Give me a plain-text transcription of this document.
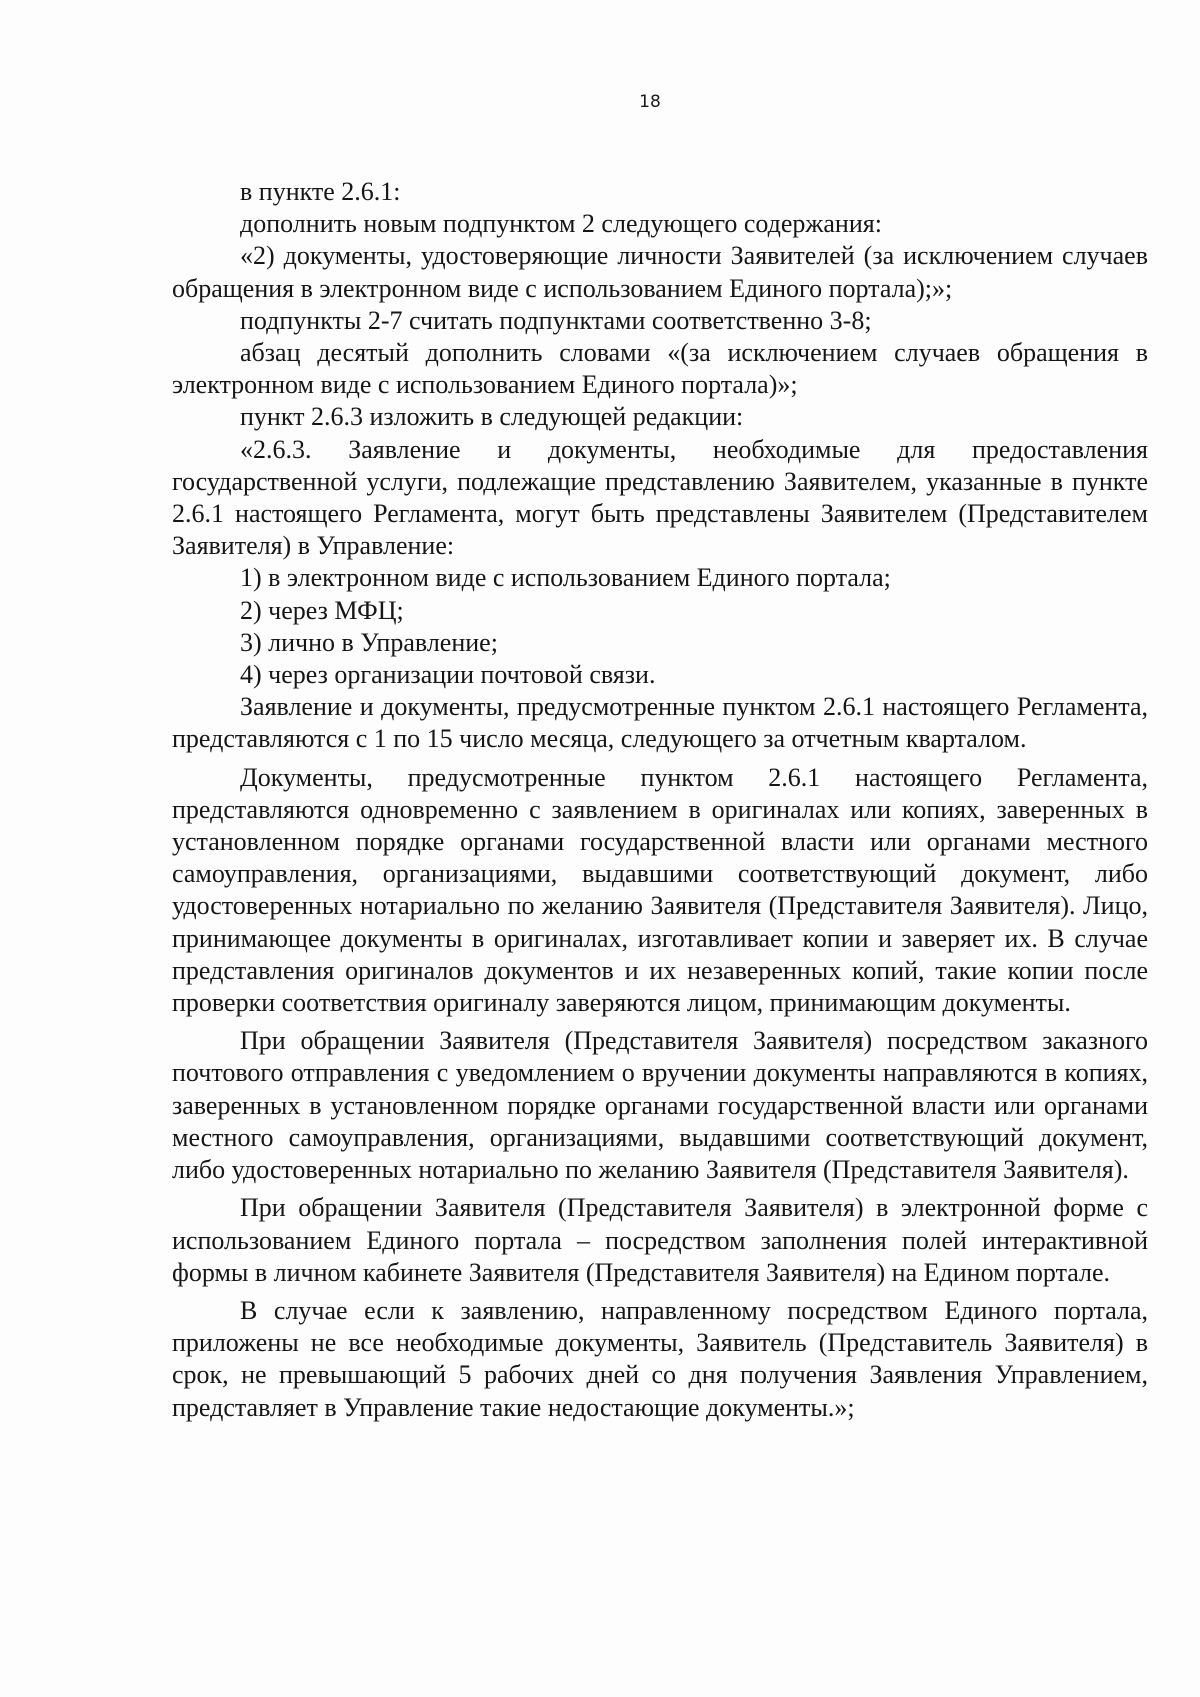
18

в пункте 2.6.1:

дополнить новым подпунктом 2 следующего содержания:

«2) документы, удостоверяющие личности Заявителей (за исключением случаев обращения в электронном виде с использованием Единого портала);»;

подпункты 2-7 считать подпунктами соответственно 3-8;

абзац десятый дополнить словами «(за исключением случаев обращения в электронном виде с использованием Единого портала)»;

пункт 2.6.3 изложить в следующей редакции:

«2.6.3. Заявление и документы, необходимые для предоставления государственной услуги, подлежащие представлению Заявителем, указанные в пункте 2.6.1 настоящего Регламента, могут быть представлены Заявителем (Представителем Заявителя) в Управление:

1) в электронном виде с использованием Единого портала;

2) через МФЦ;

3) лично в Управление;

4) через организации почтовой связи.

Заявление и документы, предусмотренные пунктом 2.6.1 настоящего Регламента, представляются с 1 по 15 число месяца, следующего за отчетным кварталом.

Документы, предусмотренные пунктом 2.6.1 настоящего Регламента, представляются одновременно с заявлением в оригиналах или копиях, заверенных в установленном порядке органами государственной власти или органами местного самоуправления, организациями, выдавшими соответствующий документ, либо удостоверенных нотариально по желанию Заявителя (Представителя Заявителя). Лицо, принимающее документы в оригиналах, изготавливает копии и заверяет их. В случае представления оригиналов документов и их незаверенных копий, такие копии после проверки соответствия оригиналу заверяются лицом, принимающим документы.

При обращении Заявителя (Представителя Заявителя) посредством заказного почтового отправления с уведомлением о вручении документы направляются в копиях, заверенных в установленном порядке органами государственной власти или органами местного самоуправления, организациями, выдавшими соответствующий документ, либо удостоверенных нотариально по желанию Заявителя (Представителя Заявителя).

При обращении Заявителя (Представителя Заявителя) в электронной форме с использованием Единого портала – посредством заполнения полей интерактивной формы в личном кабинете Заявителя (Представителя Заявителя) на Едином портале.

В случае если к заявлению, направленному посредством Единого портала, приложены не все необходимые документы, Заявитель (Представитель Заявителя) в срок, не превышающий 5 рабочих дней со дня получения Заявления Управлением, представляет в Управление такие недостающие документы.»;
